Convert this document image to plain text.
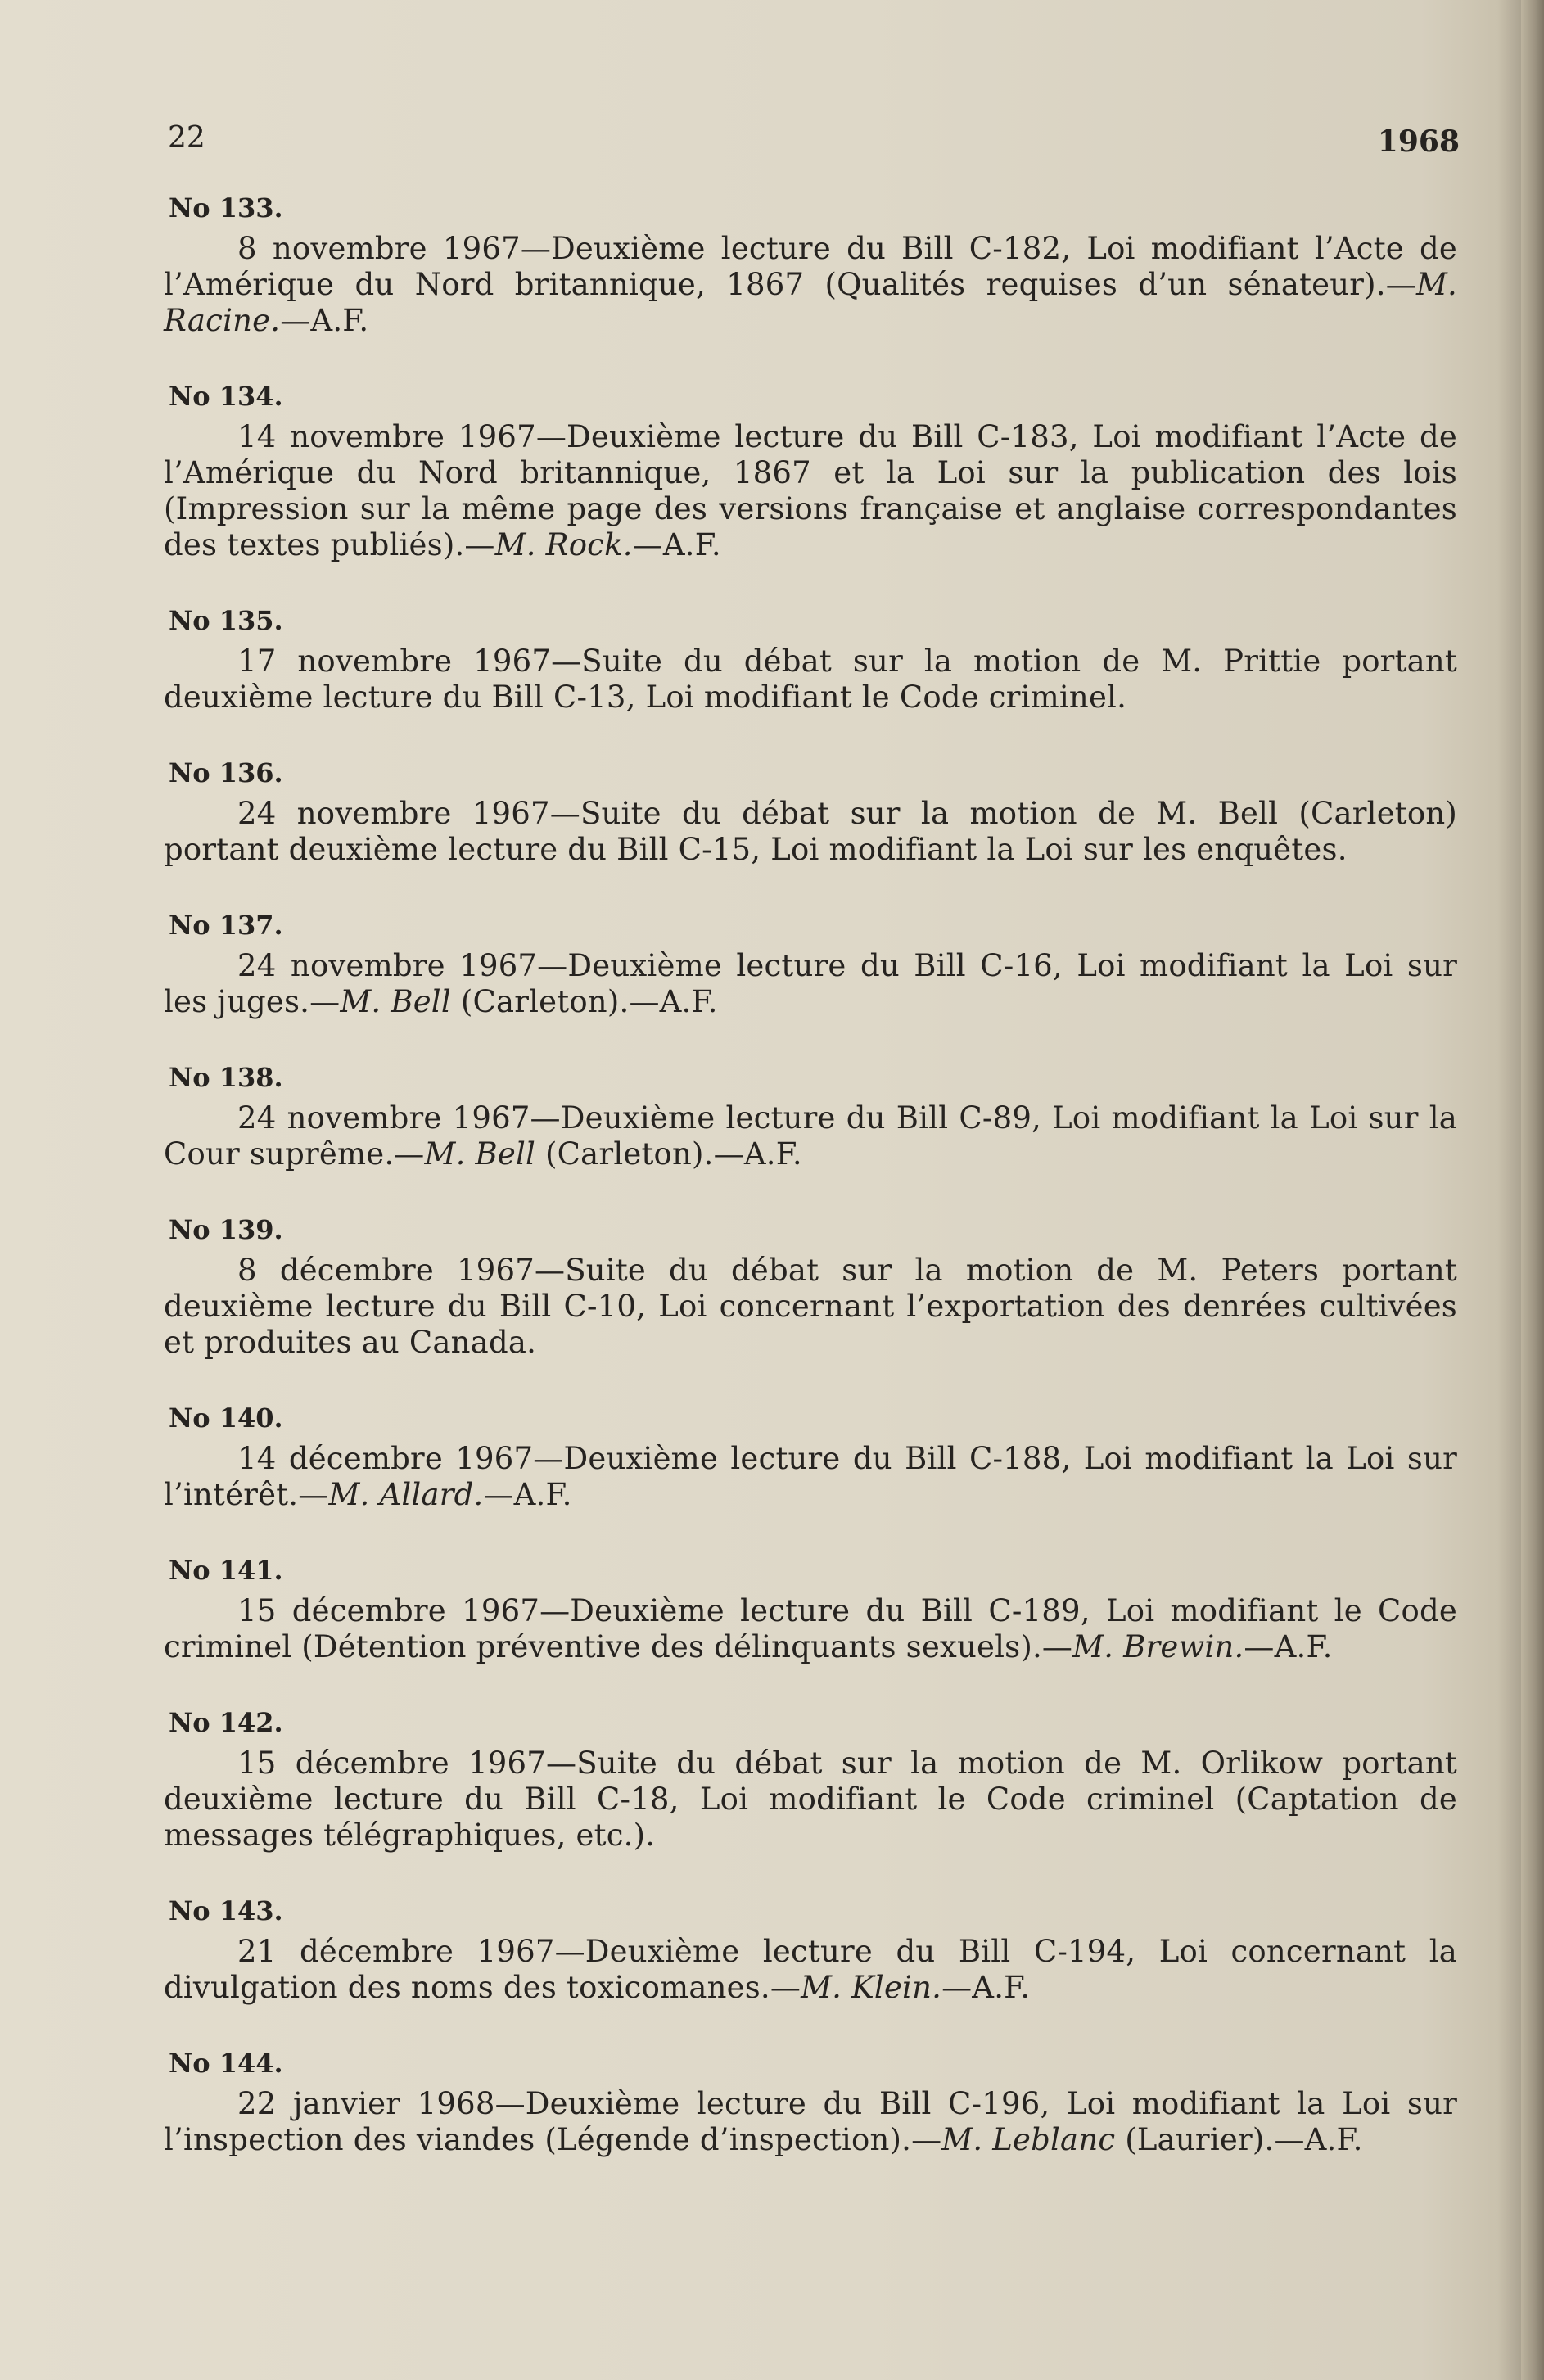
22	1968
No 133.
8 novembre 1967—Deuxième lecture du Bill C-182, Loi modifiant l’Acte de l’Amérique du Nord britannique, 1867 (Qualités requises d’un sénateur).—M. Racine.—A.F.
No 134.
14 novembre 1967—Deuxième lecture du Bill C-183, Loi modifiant l’Acte de l’Amérique du Nord britannique, 1867 et la Loi sur la publication des lois (Impression sur la même page des versions française et anglaise correspondantes des textes publiés).—M. Rock.—A.F.
No 135.
17 novembre 1967—Suite du débat sur la motion de M. Prittie portant deuxième lecture du Bill C-13, Loi modifiant le Code criminel.
No 136.
24 novembre 1967—Suite du débat sur la motion de M. Bell (Carleton) portant deuxième lecture du Bill C-15, Loi modifiant la Loi sur les enquêtes.
No 137.
24 novembre 1967—Deuxième lecture du Bill C-16, Loi modifiant la Loi sur les juges.—M. Bell (Carleton).—A.F.
No 138.
24 novembre 1967—Deuxième lecture du Bill C-89, Loi modifiant la Loi sur la Cour suprême.—M. Bell (Carleton).—A.F.
No 139.
8 décembre 1967—Suite du débat sur la motion de M. Peters portant deuxième lecture du Bill C-10, Loi concernant l’exportation des denrées cultivées et produites au Canada.
No 140.
14 décembre 1967—Deuxième lecture du Bill C-188, Loi modifiant la Loi sur l’intérêt.—M. Allard.—A.F.
No 141.
15 décembre 1967—Deuxième lecture du Bill C-189, Loi modifiant le Code criminel (Détention préventive des délinquants sexuels).—M. Brewin.—A.F.
No 142.
15 décembre 1967—Suite du débat sur la motion de M. Orlikow portant deuxième lecture du Bill C-18, Loi modifiant le Code criminel (Captation de messages télégraphiques, etc.).
No 143.
21 décembre 1967—Deuxième lecture du Bill C-194, Loi concernant la divulgation des noms des toxicomanes.—M. Klein.—A.F.
No 144.
22 janvier 1968—Deuxième lecture du Bill C-196, Loi modifiant la Loi sur l’inspection des viandes (Légende d’inspection).—M. Leblanc (Laurier).—A.F.
